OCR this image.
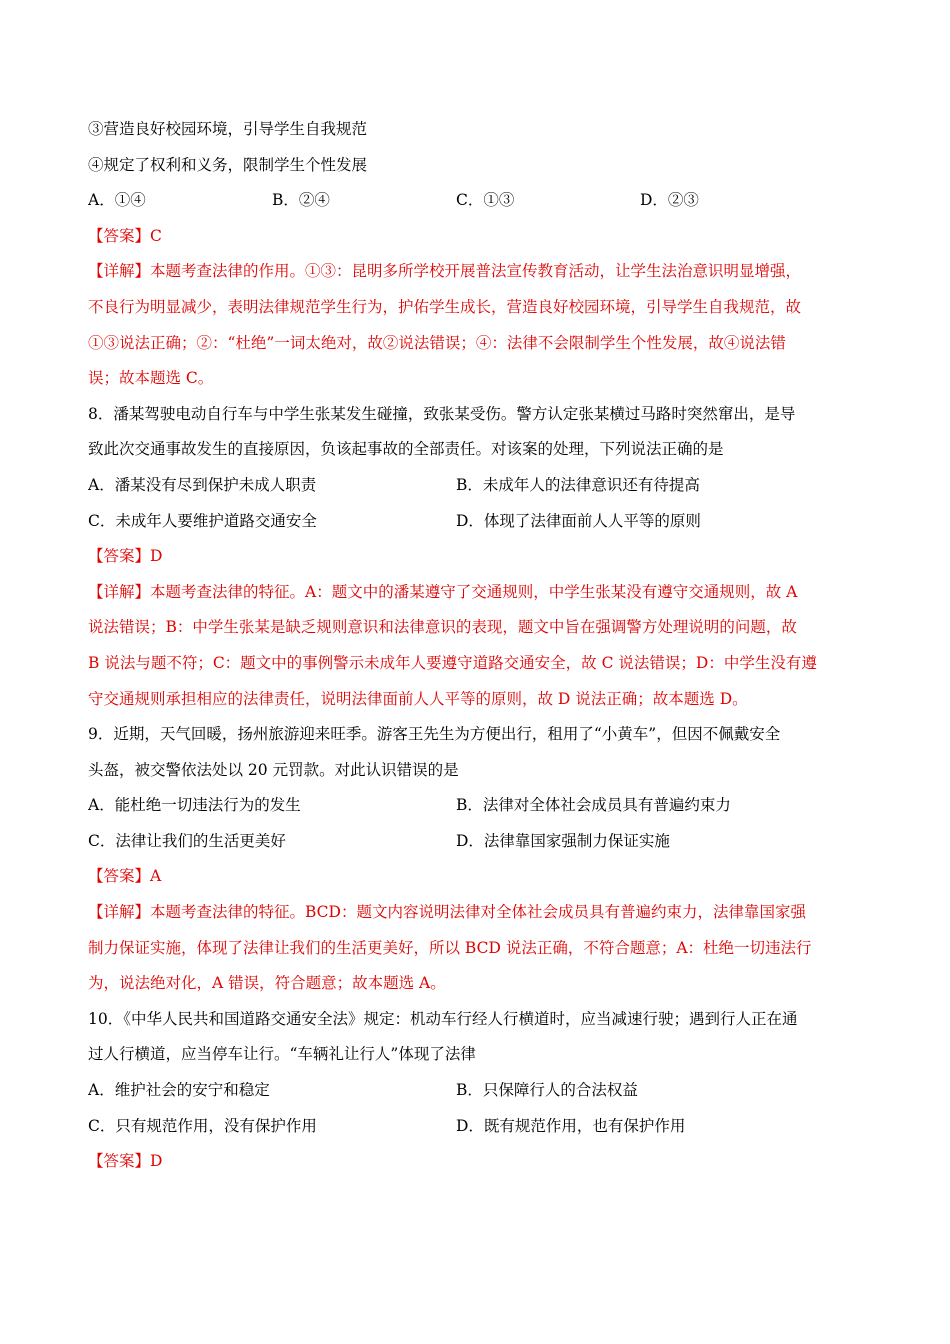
③营造良好校园环境，引导学生自我规范
④规定了权利和义务，限制学生个性发展
A．①④	B．②④	C．①③	D．②③
【答案】C
【详解】本题考查法律的作用。①③：昆明多所学校开展普法宣传教育活动，让学生法治意识明显增强，
不良行为明显减少，表明法律规范学生行为，护佑学生成长，营造良好校园环境，引导学生自我规范，故
①③说法正确；②：“杜绝”一词太绝对，故②说法错误；④：法律不会限制学生个性发展，故④说法错
误；故本题选 C。
8．潘某驾驶电动自行车与中学生张某发生碰撞，致张某受伤。警方认定张某横过马路时突然窜出，是导
致此次交通事故发生的直接原因，负该起事故的全部责任。对该案的处理，下列说法正确的是
A．潘某没有尽到保护未成人职责	B．未成年人的法律意识还有待提高
C．未成年人要维护道路交通安全	D．体现了法律面前人人平等的原则
【答案】D
【详解】本题考查法律的特征。A：题文中的潘某遵守了交通规则，中学生张某没有遵守交通规则，故 A
说法错误；B：中学生张某是缺乏规则意识和法律意识的表现，题文中旨在强调警方处理说明的问题，故
B 说法与题不符；C：题文中的事例警示未成年人要遵守道路交通安全，故 C 说法错误；D：中学生没有遵
守交通规则承担相应的法律责任，说明法律面前人人平等的原则，故 D 说法正确；故本题选 D。
9．近期，天气回暖，扬州旅游迎来旺季。游客王先生为方便出行，租用了“小黄车”，但因不佩戴安全
头盔，被交警依法处以 20 元罚款。对此认识错误的是
A．能杜绝一切违法行为的发生	B．法律对全体社会成员具有普遍约束力
C．法律让我们的生活更美好	D．法律靠国家强制力保证实施
【答案】A
【详解】本题考查法律的特征。BCD：题文内容说明法律对全体社会成员具有普遍约束力，法律靠国家强
制力保证实施，体现了法律让我们的生活更美好，所以 BCD 说法正确，不符合题意；A：杜绝一切违法行
为，说法绝对化，A 错误，符合题意；故本题选 A。
10．《中华人民共和国道路交通安全法》规定：机动车行经人行横道时，应当减速行驶；遇到行人正在通
过人行横道，应当停车让行。“车辆礼让行人”体现了法律
A．维护社会的安宁和稳定	B．只保障行人的合法权益
C．只有规范作用，没有保护作用	D．既有规范作用，也有保护作用
【答案】D
